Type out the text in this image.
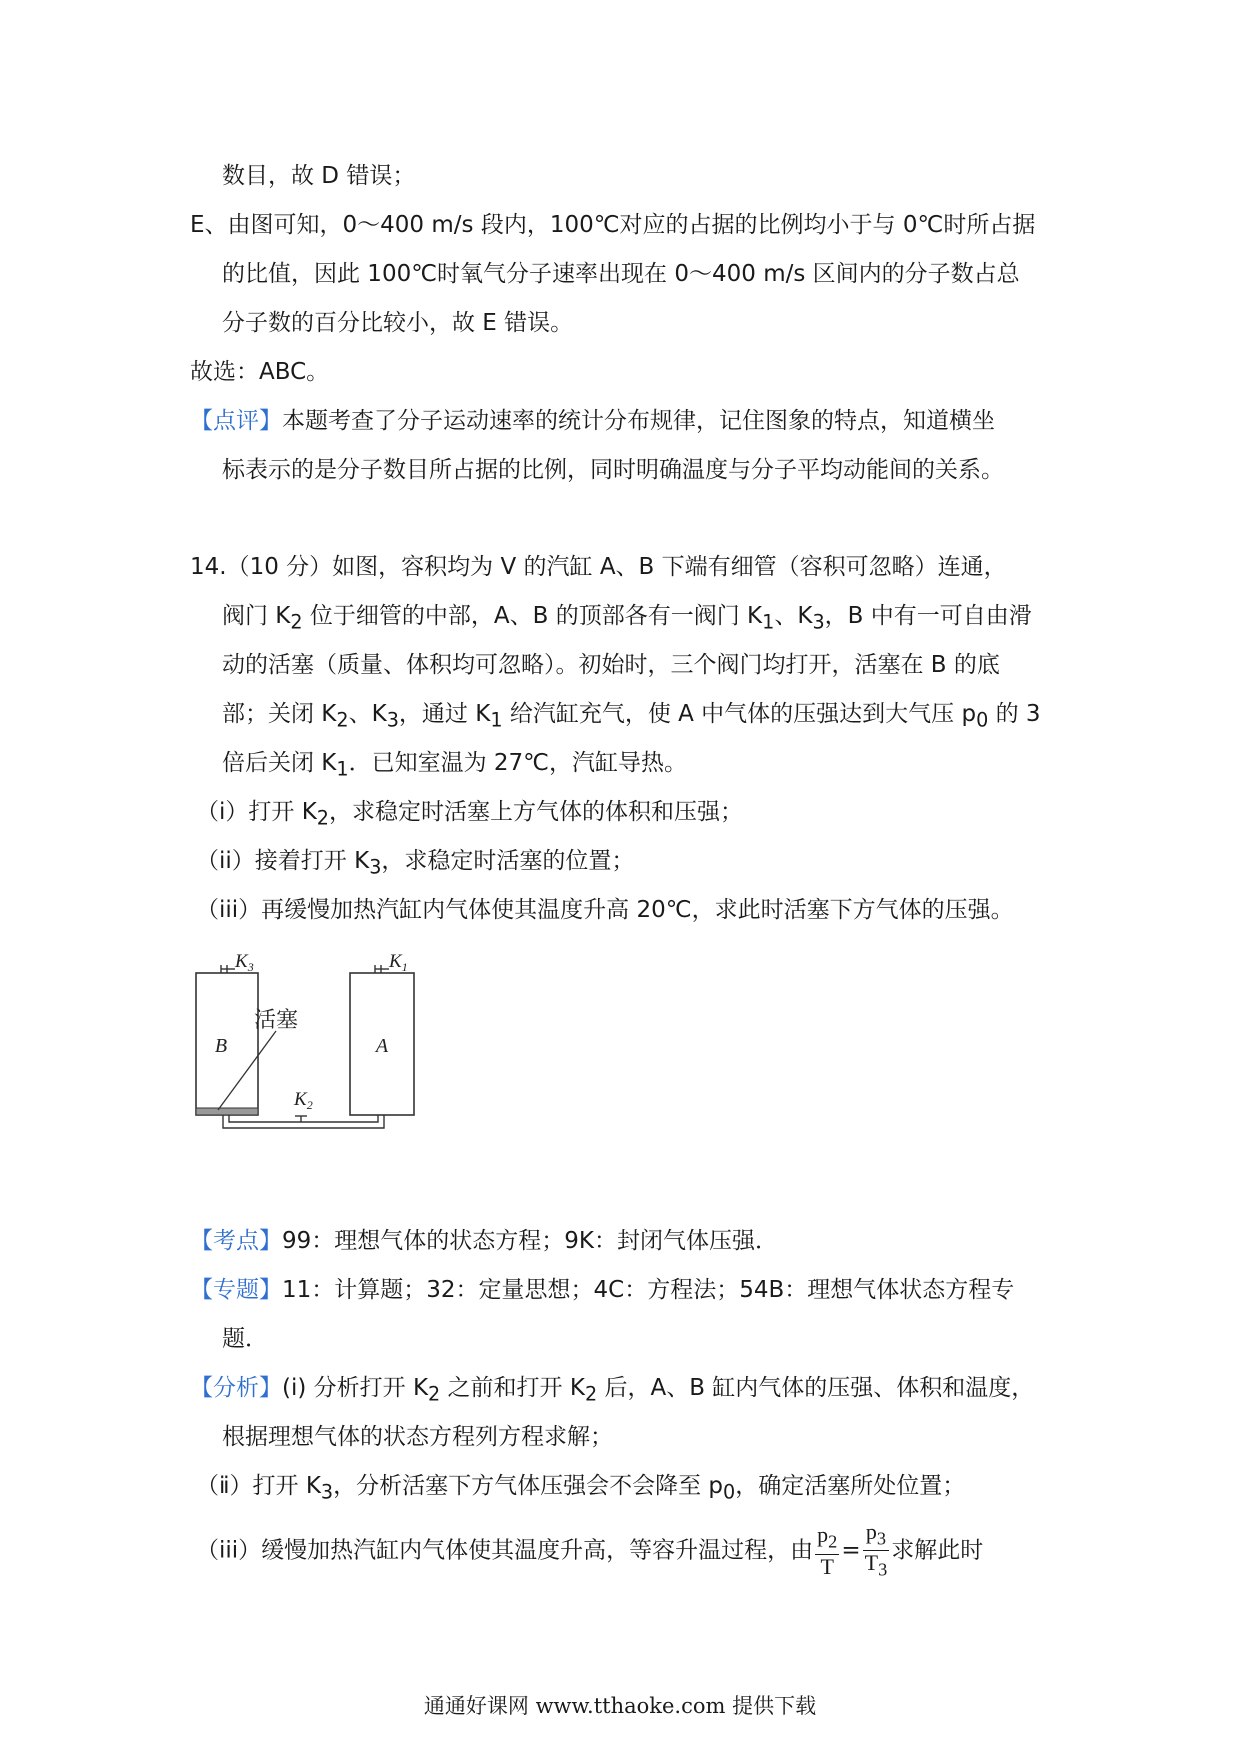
数目，故 D 错误；
E、由图可知，0～400 m/s 段内，100℃对应的占据的比例均小于与 0℃时所占据
的比值，因此 100℃时氧气分子速率出现在 0～400 m/s 区间内的分子数占总
分子数的百分比较小，故 E 错误。
故选：ABC。
【点评】本题考查了分子运动速率的统计分布规律，记住图象的特点，知道横坐
标表示的是分子数目所占据的比例，同时明确温度与分子平均动能间的关系。
14.（10 分）如图，容积均为 V 的汽缸 A、B 下端有细管（容积可忽略）连通，
阀门 $K_2$ 位于细管的中部，A、B 的顶部各有一阀门 $K_1$、$K_3$，B 中有一可自由滑
动的活塞（质量、体积均可忽略）。初始时，三个阀门均打开，活塞在 B 的底
部；关闭 $K_2$、$K_3$，通过 $K_1$ 给汽缸充气，使 A 中气体的压强达到大气压 $p_0$ 的 3
倍后关闭 $K_1$．已知室温为 27℃，汽缸导热。
（i）打开 $K_2$，求稳定时活塞上方气体的体积和压强；
（ii）接着打开 $K_3$，求稳定时活塞的位置；
（iii）再缓慢加热汽缸内气体使其温度升高 20℃，求此时活塞下方气体的压强。
$K_3$	$K_1$
$K_2$
B	A
活塞
【考点】99：理想气体的状态方程；9K：封闭气体压强．
【专题】11：计算题；32：定量思想；4C：方程法；54B：理想气体状态方程专
题．
【分析】(i) 分析打开 $K_2$ 之前和打开 $K_2$ 后，A、B 缸内气体的压强、体积和温度，
根据理想气体的状态方程列方程求解；
（ⅱ）打开 $K_3$，分析活塞下方气体压强会不会降至 $p_0$，确定活塞所处位置；
（iii）缓慢加热汽缸内气体使其温度升高，等容升温过程，由 $\frac{p_2}{T} = \frac{p_3}{T_3}$ 求解此时
通通好课网 www.tthaoke.com 提供下载
